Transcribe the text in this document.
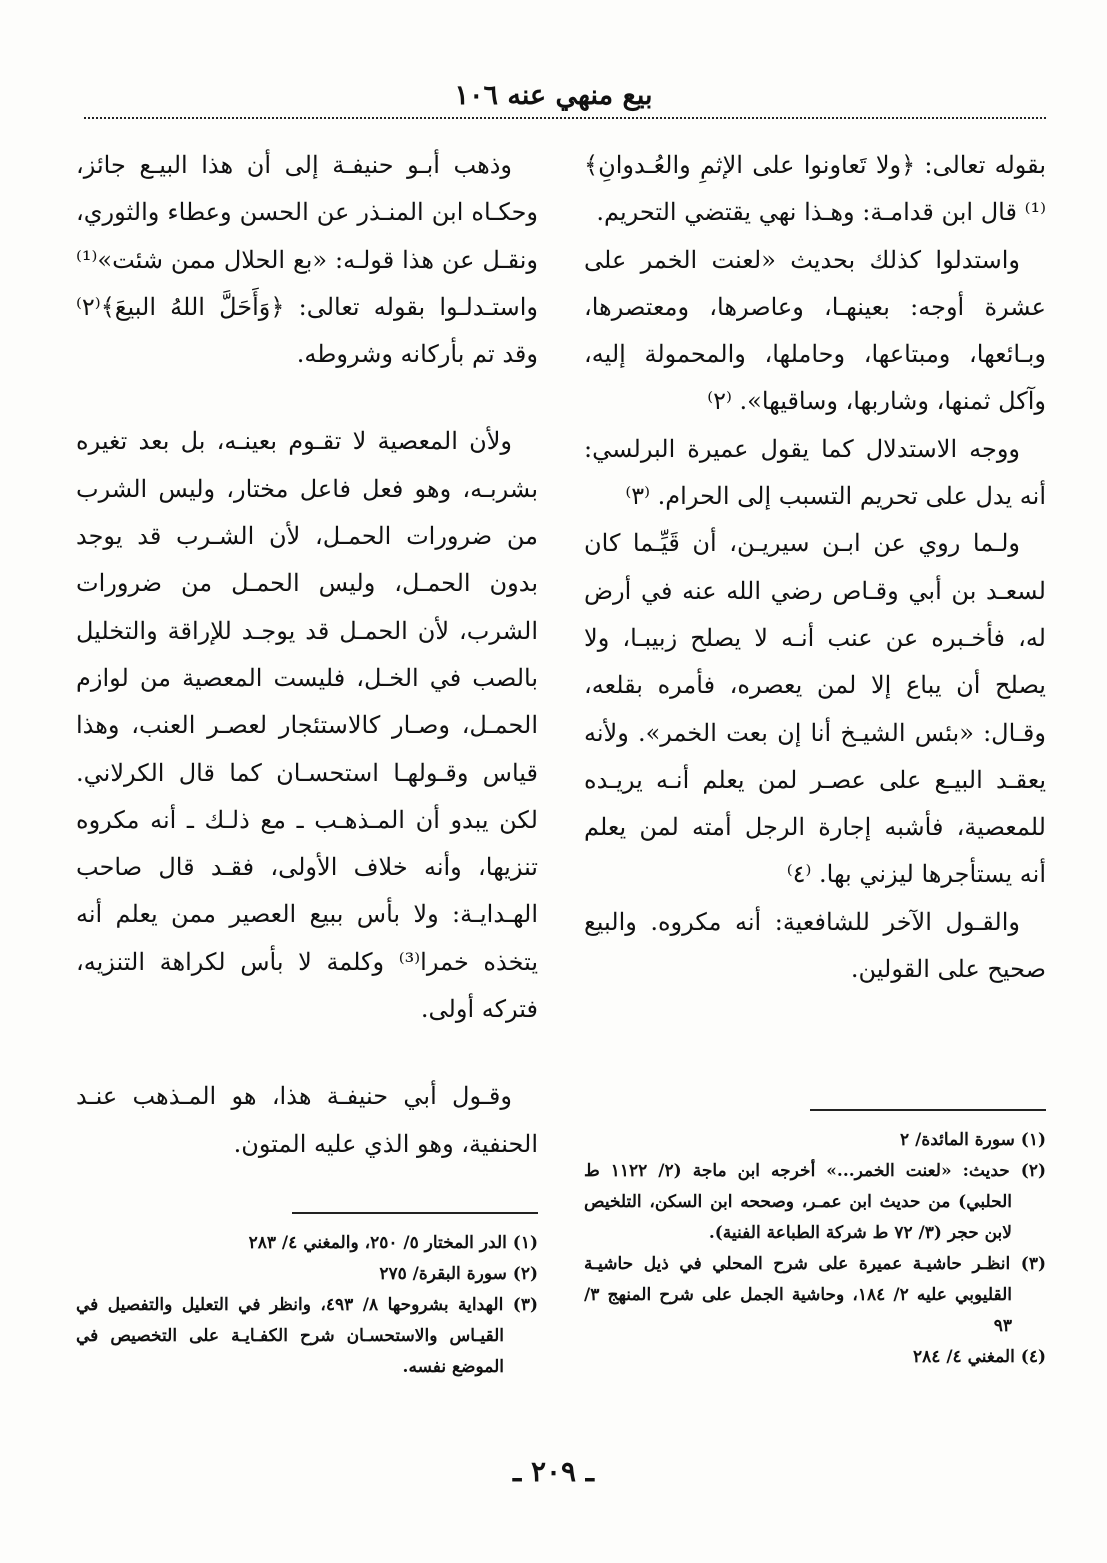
بيع منهي عنه ١٠٦

بقوله تعالى: ﴿ولا تَعاونوا على الإثمِ والعُـدوانِ﴾⁽¹⁾ قال ابن قدامـة: وهـذا نهي يقتضي التحريم.

واستدلوا كذلك بحديث «لعنت الخمر على عشرة أوجه: بعينهـا، وعاصرها، ومعتصرها، وبـائعها، ومبتاعها، وحاملها، والمحمولة إليه، وآكل ثمنها، وشاربها، وساقيها». ⁽٢⁾

ووجه الاستدلال كما يقول عميرة البرلسي: أنه يدل على تحريم التسبب إلى الحرام. ⁽٣⁾

ولـما روي عن ابـن سيريـن، أن قَيِّـما كان لسعـد بن أبي وقـاص رضي الله عنه في أرض له، فأخـبره عن عنب أنـه لا يصلح زبيبـا، ولا يصلح أن يباع إلا لمن يعصره، فأمره بقلعه، وقـال: «بئس الشيـخ أنا إن بعت الخمر». ولأنه يعقـد البيـع على عصـر لمن يعلم أنـه يريـده للمعصية، فأشبه إجارة الرجل أمته لمن يعلم أنه يستأجرها ليزني بها. ⁽٤⁾

والقـول الآخر للشافعية: أنه مكروه. والبيع صحيح على القولين.

وذهب أبـو حنيفـة إلى أن هذا البيـع جائز، وحكـاه ابن المنـذر عن الحسن وعطاء والثوري، ونقـل عن هذا قولـه: «بع الحلال ممن شئت»⁽¹⁾ واستـدلـوا بقوله تعالى: ﴿وَأَحَلَّ اللهُ البيعَ﴾⁽٢⁾ وقد تم بأركانه وشروطه.

ولأن المعصية لا تقـوم بعينـه، بل بعد تغيره بشربـه، وهو فعل فاعل مختار، وليس الشرب من ضرورات الحمـل، لأن الشـرب قد يوجد بدون الحمـل، وليس الحمـل من ضرورات الشرب، لأن الحمـل قد يوجـد للإراقة والتخليل بالصب في الخـل، فليست المعصية من لوازم الحمـل، وصـار كالاستئجار لعصـر العنب، وهذا قياس وقـولهـا استحسـان كما قال الكرلاني. لكن يبدو أن المـذهـب ـ مع ذلـك ـ أنه مكروه تنزيها، وأنه خلاف الأولى، فقـد قال صاحب الهـدايـة: ولا بأس ببيع العصير ممن يعلم أنه يتخذه خمرا⁽³⁾ وكلمة لا بأس لكراهة التنزيه، فتركه أولى.

وقـول أبي حنيفـة هذا، هو المـذهب عنـد الحنفية، وهو الذي عليه المتون.	(١) سورة المائدة/ ٢
(٢) حديث: «لعنت الخمر...» أخرجه ابن ماجة (٢/ ١١٢٢ ط الحلبي) من حديث ابن عمـر، وصححه ابن السكن، التلخيص لابن حجر (٣/ ٧٢ ط شركة الطباعة الفنية).
(٣) انظـر حاشيـة عميرة على شرح المحلي في ذيل حاشيـة القليوبي عليه ٢/ ١٨٤، وحاشية الجمل على شرح المنهج ٣/ ٩٣
(٤) المغني ٤/ ٢٨٤
(١) الدر المختار ٥/ ٢٥٠، والمغني ٤/ ٢٨٣
(٢) سورة البقرة/ ٢٧٥
(٣) الهداية بشروحها ٨/ ٤٩٣، وانظر في التعليل والتفصيل في القيـاس والاستحسـان شرح الكفـايـة على التخصيص في الموضع نفسه.
ـ ٢٠٩ ـ
